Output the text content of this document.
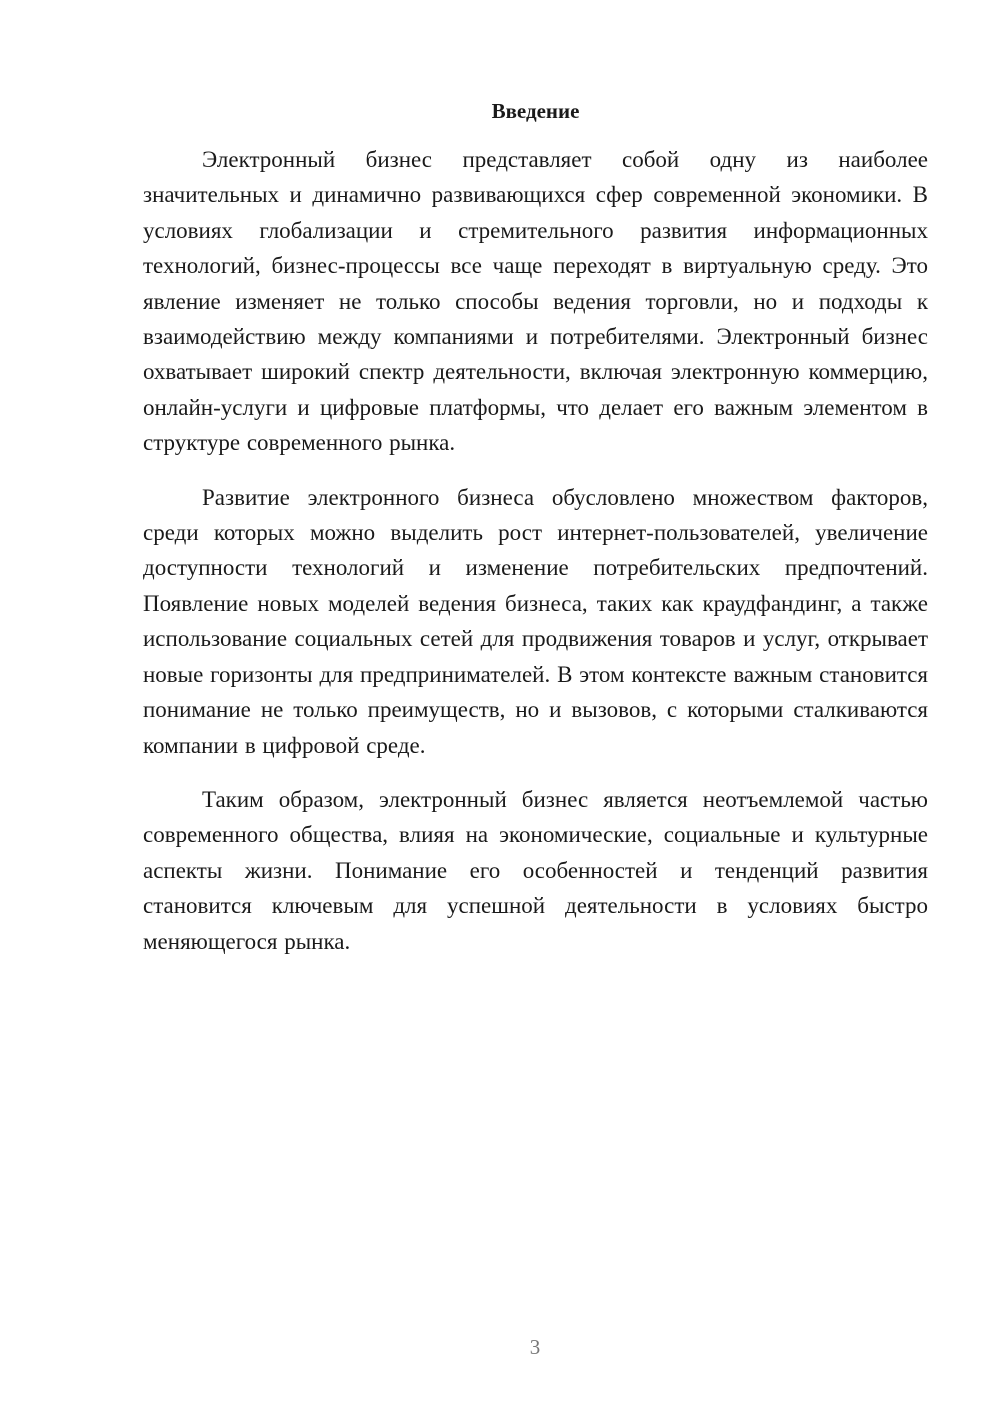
Введение

Электронный бизнес представляет собой одну из наиболее значительных и динамично развивающихся сфер современной экономики. В условиях глобализации и стремительного развития информационных технологий, бизнес-процессы все чаще переходят в виртуальную среду. Это явление изменяет не только способы ведения торговли, но и подходы к взаимодействию между компаниями и потребителями. Электронный бизнес охватывает широкий спектр деятельности, включая электронную коммерцию, онлайн-услуги и цифровые платформы, что делает его важным элементом в структуре современного рынка.

Развитие электронного бизнеса обусловлено множеством факторов, среди которых можно выделить рост интернет-пользователей, увеличение доступности технологий и изменение потребительских предпочтений. Появление новых моделей ведения бизнеса, таких как краудфандинг, а также использование социальных сетей для продвижения товаров и услуг, открывает новые горизонты для предпринимателей. В этом контексте важным становится понимание не только преимуществ, но и вызовов, с которыми сталкиваются компании в цифровой среде.

Таким образом, электронный бизнес является неотъемлемой частью современного общества, влияя на экономические, социальные и культурные аспекты жизни. Понимание его особенностей и тенденций развития становится ключевым для успешной деятельности в условиях быстро меняющегося рынка.

3
